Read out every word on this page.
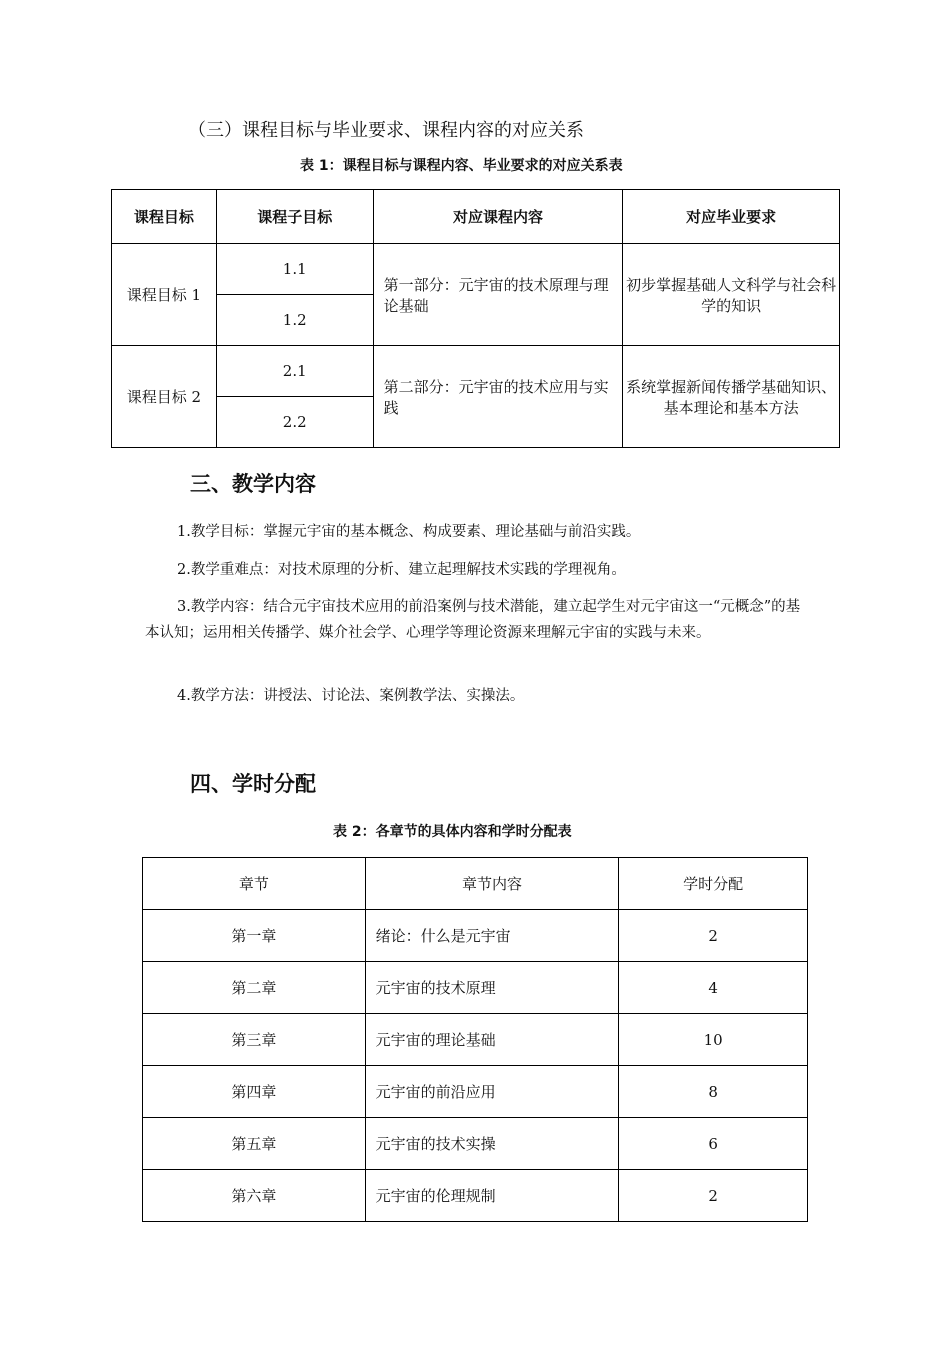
（三）课程目标与毕业要求、课程内容的对应关系
表 1：课程目标与课程内容、毕业要求的对应关系表
课程目标	课程子目标	对应课程内容	对应毕业要求
课程目标 1	1.1	第一部分：元宇宙的技术原理与理论基础	初步掌握基础人文科学与社会科学的知识
	1.2		
课程目标 2	2.1	第二部分：元宇宙的技术应用与实践	系统掌握新闻传播学基础知识、基本理论和基本方法
	2.2		
三、教学内容
1.教学目标：掌握元宇宙的基本概念、构成要素、理论基础与前沿实践。
2.教学重难点：对技术原理的分析、建立起理解技术实践的学理视角。
3.教学内容：结合元宇宙技术应用的前沿案例与技术潜能，建立起学生对元宇宙这一“元概念”的基本认知；运用相关传播学、媒介社会学、心理学等理论资源来理解元宇宙的实践与未来。
4.教学方法：讲授法、讨论法、案例教学法、实操法。
四、学时分配
表 2：各章节的具体内容和学时分配表
章节	章节内容	学时分配
第一章	绪论：什么是元宇宙	2
第二章	元宇宙的技术原理	4
第三章	元宇宙的理论基础	10
第四章	元宇宙的前沿应用	8
第五章	元宇宙的技术实操	6
第六章	元宇宙的伦理规制	2
